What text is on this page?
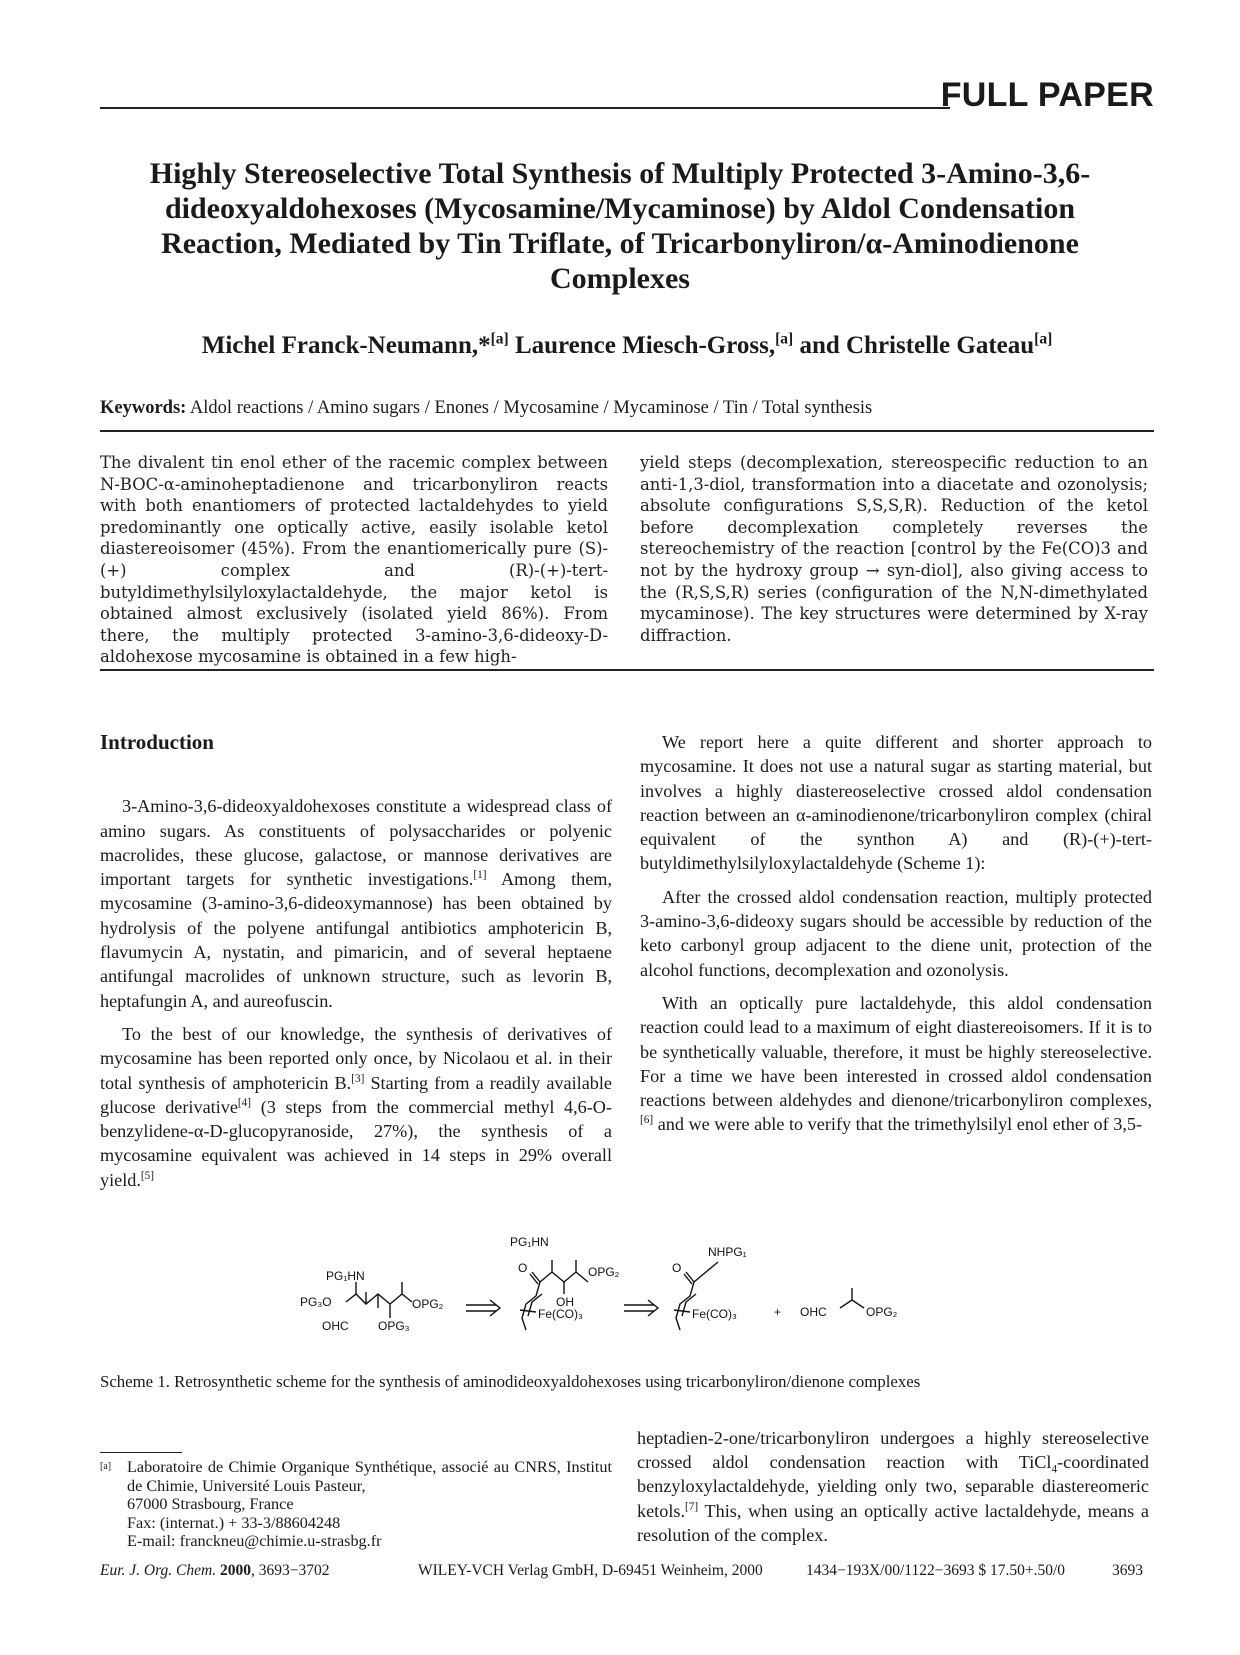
FULL PAPER
Highly Stereoselective Total Synthesis of Multiply Protected 3-Amino-3,6-dideoxyaldohexoses (Mycosamine/Mycaminose) by Aldol Condensation Reaction, Mediated by Tin Triflate, of Tricarbonyliron/α-Aminodienone Complexes
Michel Franck-Neumann,*[a] Laurence Miesch-Gross,[a] and Christelle Gateau[a]
Keywords: Aldol reactions / Amino sugars / Enones / Mycosamine / Mycaminose / Tin / Total synthesis
The divalent tin enol ether of the racemic complex between N-BOC-α-aminoheptadienone and tricarbonyliron reacts with both enantiomers of protected lactaldehydes to yield predominantly one optically active, easily isolable ketol diastereoisomer (45%). From the enantiomerically pure (S)-(+) complex and (R)-(+)-tert-butyldimethylsilyloxylactaldehyde, the major ketol is obtained almost exclusively (isolated yield 86%). From there, the multiply protected 3-amino-3,6-dideoxy-D-aldohexose mycosamine is obtained in a few high-
yield steps (decomplexation, stereospecific reduction to an anti-1,3-diol, transformation into a diacetate and ozonolysis; absolute configurations S,S,S,R). Reduction of the ketol before decomplexation completely reverses the stereochemistry of the reaction [control by the Fe(CO)3 and not by the hydroxy group → syn-diol], also giving access to the (R,S,S,R) series (configuration of the N,N-dimethylated mycaminose). The key structures were determined by X-ray diffraction.
Introduction

3-Amino-3,6-dideoxyaldohexoses constitute a widespread class of amino sugars. As constituents of polysaccharides or polyenic macrolides, these glucose, galactose, or mannose derivatives are important targets for synthetic investigations.[1] Among them, mycosamine (3-amino-3,6-dideoxymannose) has been obtained by hydrolysis of the polyene antifungal antibiotics amphotericin B, flavumycin A, nystatin, and pimaricin, and of several heptaene antifungal macrolides of unknown structure, such as levorin B, heptafungin A, and aureofuscin.

To the best of our knowledge, the synthesis of derivatives of mycosamine has been reported only once, by Nicolaou et al. in their total synthesis of amphotericin B.[3] Starting from a readily available glucose derivative[4] (3 steps from the commercial methyl 4,6-O-benzylidene-α-D-glucopyranoside, 27%), the synthesis of a mycosamine equivalent was achieved in 14 steps in 29% overall yield.[5]

We report here a quite different and shorter approach to mycosamine. It does not use a natural sugar as starting material, but involves a highly diastereoselective crossed aldol condensation reaction between an α-aminodienone/tricarbonyliron complex (chiral equivalent of the synthon A) and (R)-(+)-tert-butyldimethylsilyloxylactaldehyde (Scheme 1):

After the crossed aldol condensation reaction, multiply protected 3-amino-3,6-dideoxy sugars should be accessible by reduction of the keto carbonyl group adjacent to the diene unit, protection of the alcohol functions, decomplexation and ozonolysis.

With an optically pure lactaldehyde, this aldol condensation reaction could lead to a maximum of eight diastereoisomers. If it is to be synthetically valuable, therefore, it must be highly stereoselective. For a time we have been interested in crossed aldol condensation reactions between aldehydes and dienone/tricarbonyliron complexes,[6] and we were able to verify that the trimethylsilyl enol ether of 3,5-

PG₁HN
PG₃O	OPG₂
OHC OPG₃
PG₁HN
O	OPG₂
OH
Fe(CO)₃
NHPG₁
O
Fe(CO)₃	+ OHC	OPG₂
Scheme 1. Retrosynthetic scheme for the synthesis of aminodideoxyaldohexoses using tricarbonyliron/dienone complexes
[a] Laboratoire de Chimie Organique Synthétique, associé au CNRS, Institut de Chimie, Université Louis Pasteur,
67000 Strasbourg, France
Fax: (internat.) + 33-3/88604248
E-mail: franckneu@chimie.u-strasbg.fr
heptadien-2-one/tricarbonyliron undergoes a highly stereoselective crossed aldol condensation reaction with TiCl$_4$-coordinated benzyloxylactaldehyde, yielding only two, separable diastereomeric ketols.[7] This, when using an optically active lactaldehyde, means a resolution of the complex.
Eur. J. Org. Chem. 2000, 3693−3702	WILEY-VCH Verlag GmbH, D-69451 Weinheim, 2000	1434−193X/00/1122−3693 $ 17.50+.50/0	3693
